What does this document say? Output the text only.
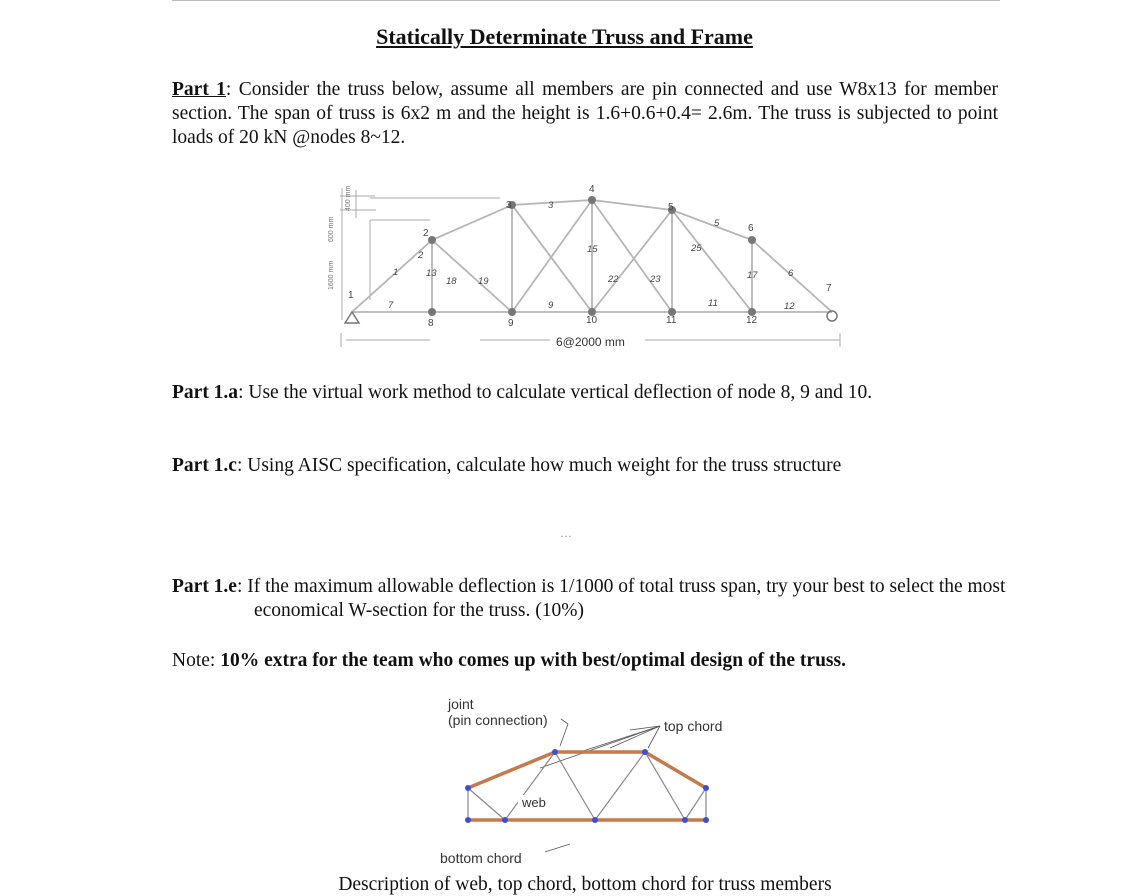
Statically Determinate Truss and Frame
Part 1: Consider the truss below, assume all members are pin connected and use W8x13 for member section. The span of truss is 6x2 m and the height is 1.6+0.6+0.4= 2.6m. The truss is subjected to point loads of 20 kN @nodes 8~12.
1600 mm
600 mm
400 mm
1
2
3
4
5
6
7
8	9	10	11	12
1
2
3
5
6
7	9	11	12
13
15
17
18 19	22	23
25
6@2000 mm
Part 1.a: Use the virtual work method to calculate vertical deflection of node 8, 9 and 10.
Part 1.c: Using AISC specification, calculate how much weight for the truss structure
···
Part 1.e: If the maximum allowable deflection is 1/1000 of total truss span, try your best to select the most economical W-section for the truss. (10%)
Note: 10% extra for the team who comes up with best/optimal design of the truss.
joint
(pin connection)	top chord
web
bottom chord
Description of web, top chord, bottom chord for truss members
